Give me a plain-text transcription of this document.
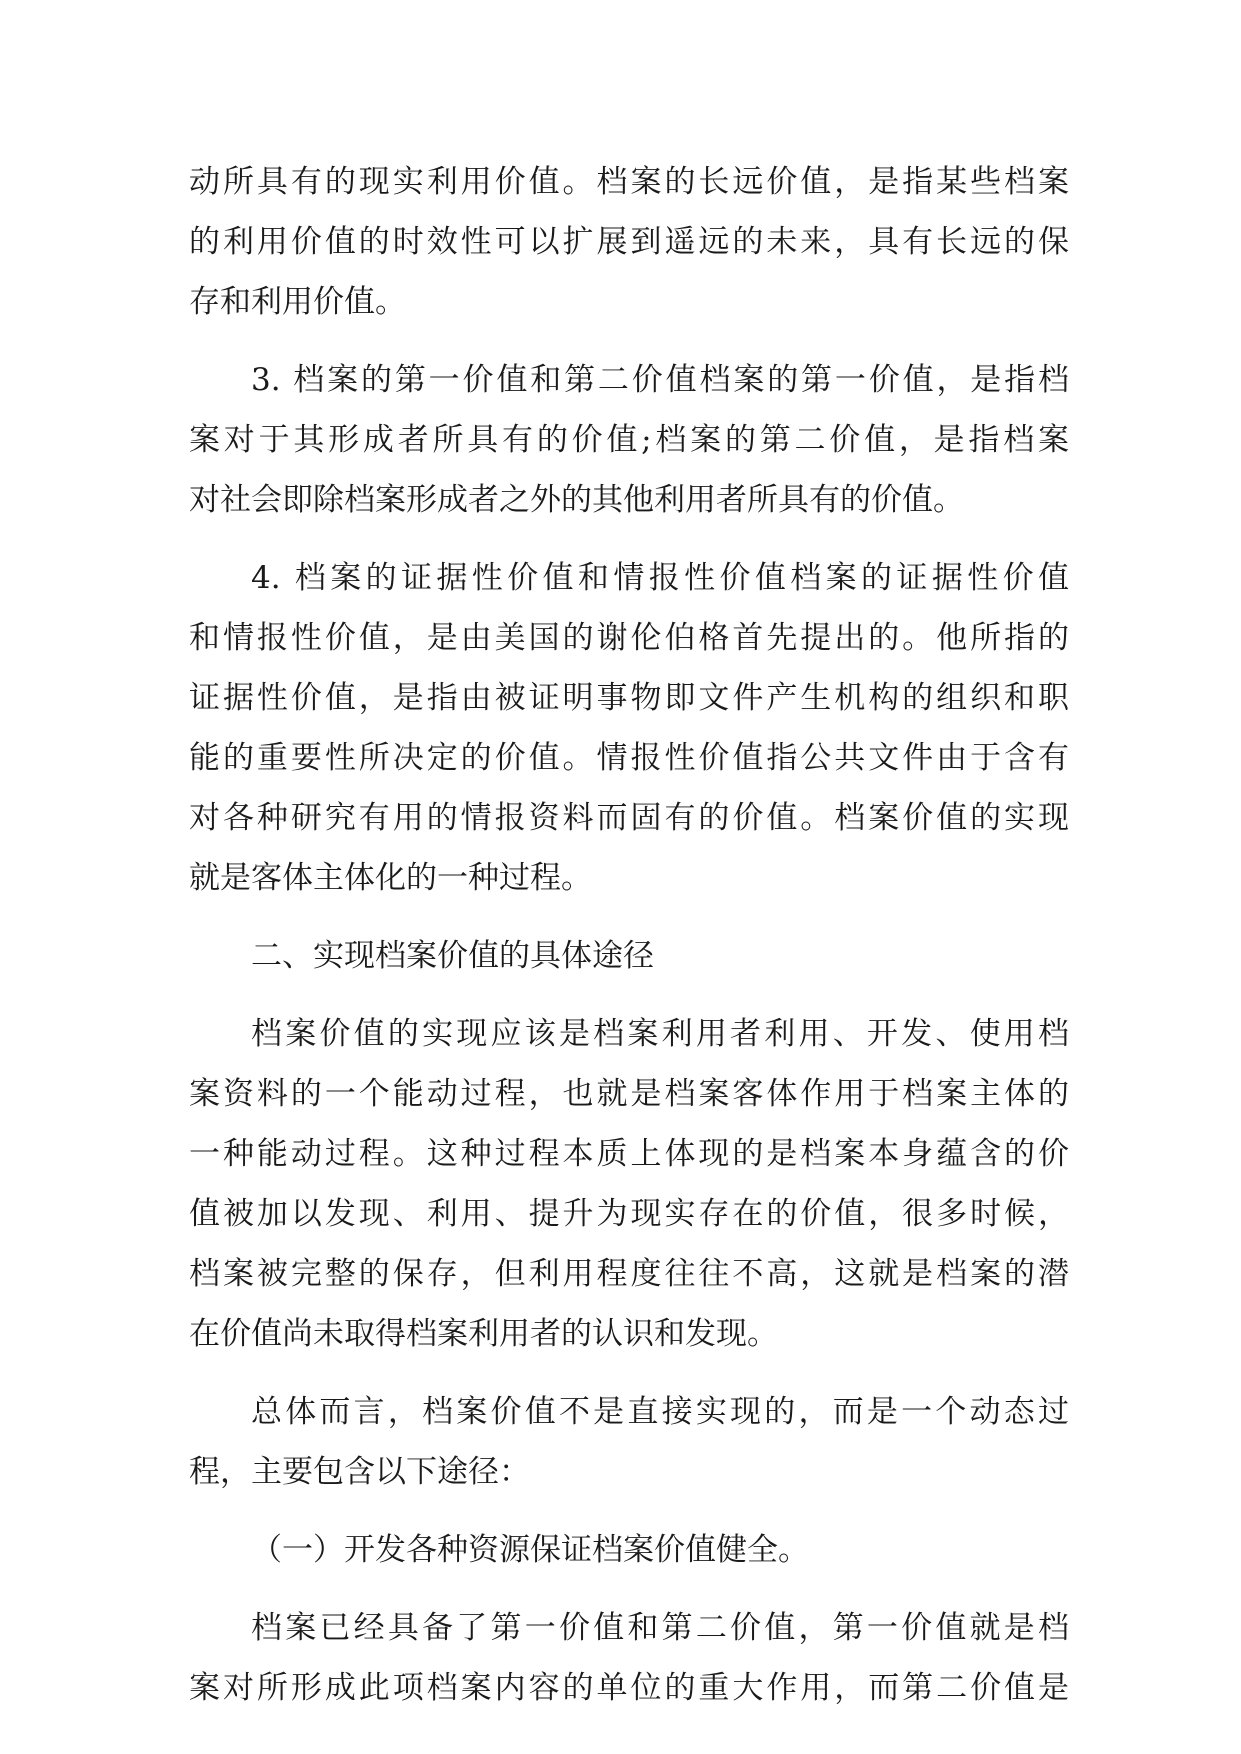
动所具有的现实利用价值。档案的长远价值，是指某些档案
的利用价值的时效性可以扩展到遥远的未来，具有长远的保
存和利用价值。

3. 档案的第一价值和第二价值档案的第一价值，是指档
案对于其形成者所具有的价值;档案的第二价值，是指档案
对社会即除档案形成者之外的其他利用者所具有的价值。

4. 档案的证据性价值和情报性价值档案的证据性价值
和情报性价值，是由美国的谢伦伯格首先提出的。他所指的
证据性价值，是指由被证明事物即文件产生机构的组织和职
能的重要性所决定的价值。情报性价值指公共文件由于含有
对各种研究有用的情报资料而固有的价值。档案价值的实现
就是客体主体化的一种过程。

二、实现档案价值的具体途径

档案价值的实现应该是档案利用者利用、开发、使用档
案资料的一个能动过程，也就是档案客体作用于档案主体的
一种能动过程。这种过程本质上体现的是档案本身蕴含的价
值被加以发现、利用、提升为现实存在的价值，很多时候，
档案被完整的保存，但利用程度往往不高，这就是档案的潜
在价值尚未取得档案利用者的认识和发现。

总体而言，档案价值不是直接实现的，而是一个动态过
程，主要包含以下途径：

（一）开发各种资源保证档案价值健全。

档案已经具备了第一价值和第二价值，第一价值就是档
案对所形成此项档案内容的单位的重大作用，而第二价值是
